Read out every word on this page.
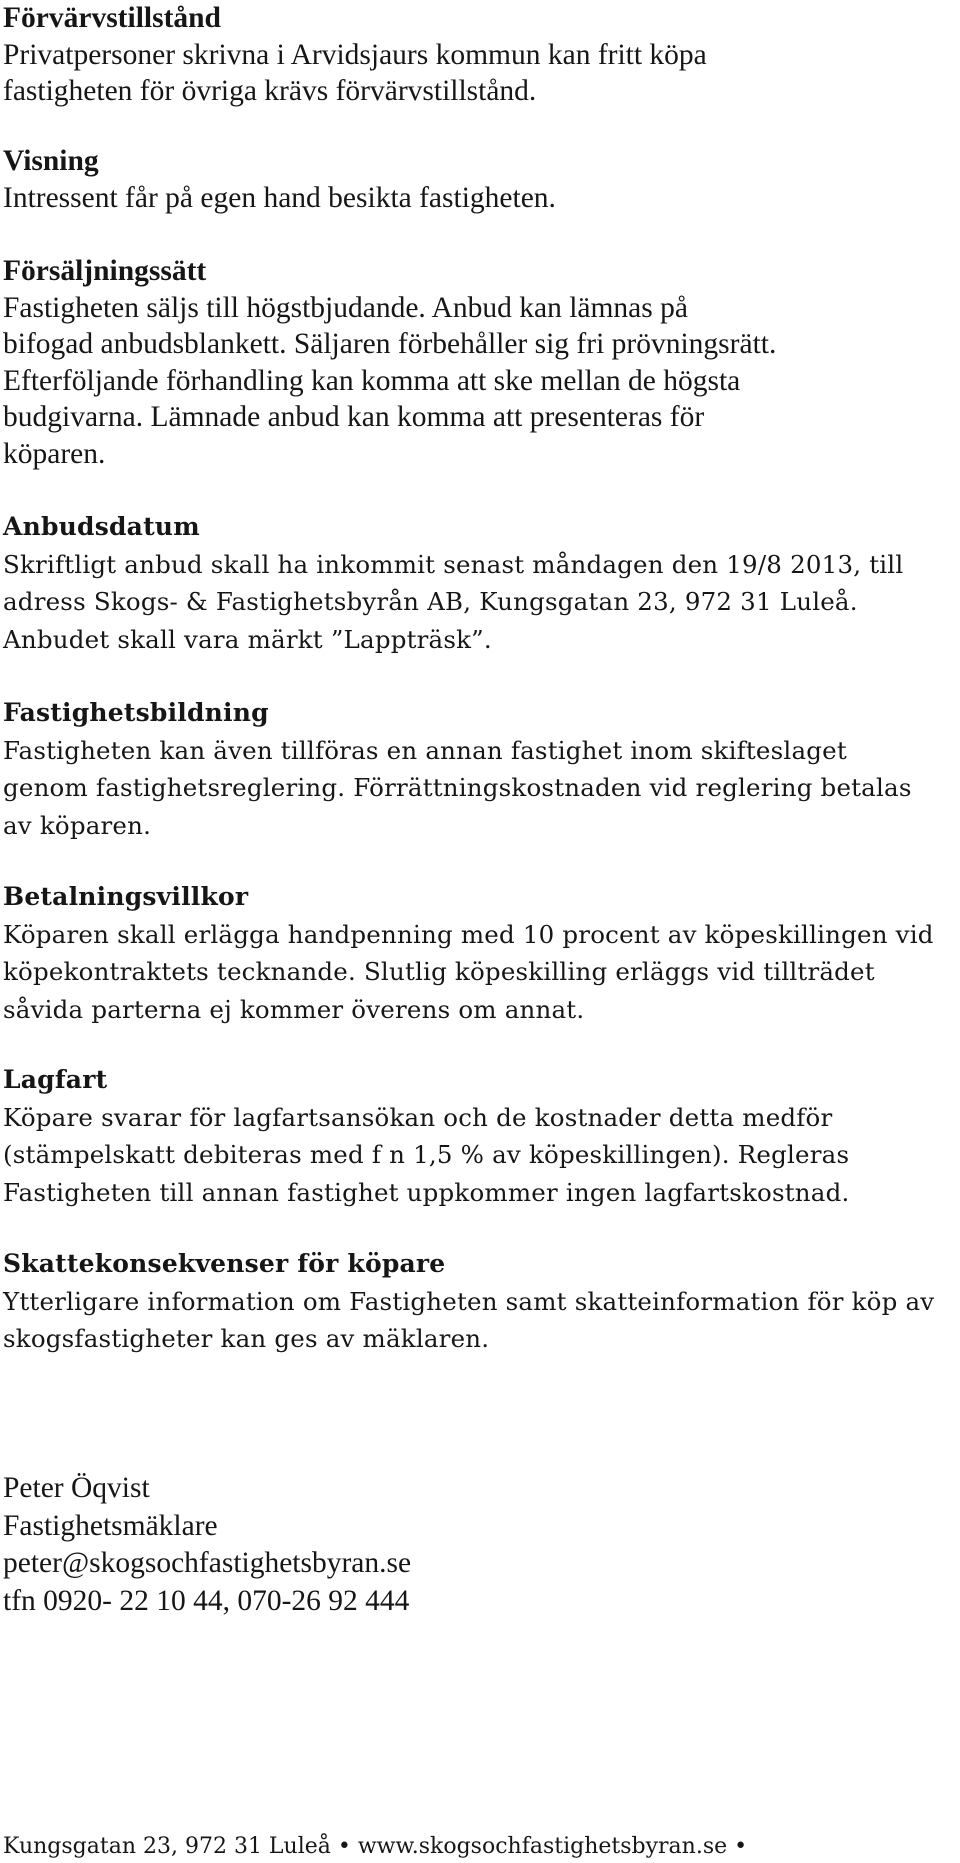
Förvärvstillstånd
Privatpersoner skrivna i Arvidsjaurs kommun kan fritt köpa fastigheten för övriga krävs förvärvstillstånd.
Visning
Intressent får på egen hand besikta fastigheten.
Försäljningssätt
Fastigheten säljs till högstbjudande. Anbud kan lämnas på bifogad anbudsblankett. Säljaren förbehåller sig fri prövningsrätt. Efterföljande förhandling kan komma att ske mellan de högsta budgivarna. Lämnade anbud kan komma att presenteras för köparen.
Anbudsdatum
Skriftligt anbud skall ha inkommit senast måndagen den 19/8 2013, till adress Skogs- & Fastighetsbyrån AB, Kungsgatan 23, 972 31 Luleå. Anbudet skall vara märkt ”Lappträsk”.
Fastighetsbildning
Fastigheten kan även tillföras en annan fastighet inom skifteslaget genom fastighetsreglering. Förrättningskostnaden vid reglering betalas av köparen.
Betalningsvillkor
Köparen skall erlägga handpenning med 10 procent av köpeskillingen vid köpekontraktets tecknande. Slutlig köpeskilling erläggs vid tillträdet såvida parterna ej kommer överens om annat.
Lagfart
Köpare svarar för lagfartsansökan och de kostnader detta medför (stämpelskatt debiteras med f n 1,5 % av köpeskillingen). Regleras Fastigheten till annan fastighet uppkommer ingen lagfartskostnad.
Skattekonsekvenser för köpare
Ytterligare information om Fastigheten samt skatteinformation för köp av skogsfastigheter kan ges av mäklaren.
Peter Öqvist
Fastighetsmäklare
peter@skogsochfastighetsbyran.se
tfn 0920- 22 10 44, 070-26 92 444
Kungsgatan 23, 972 31 Luleå • www.skogsochfastighetsbyran.se •
